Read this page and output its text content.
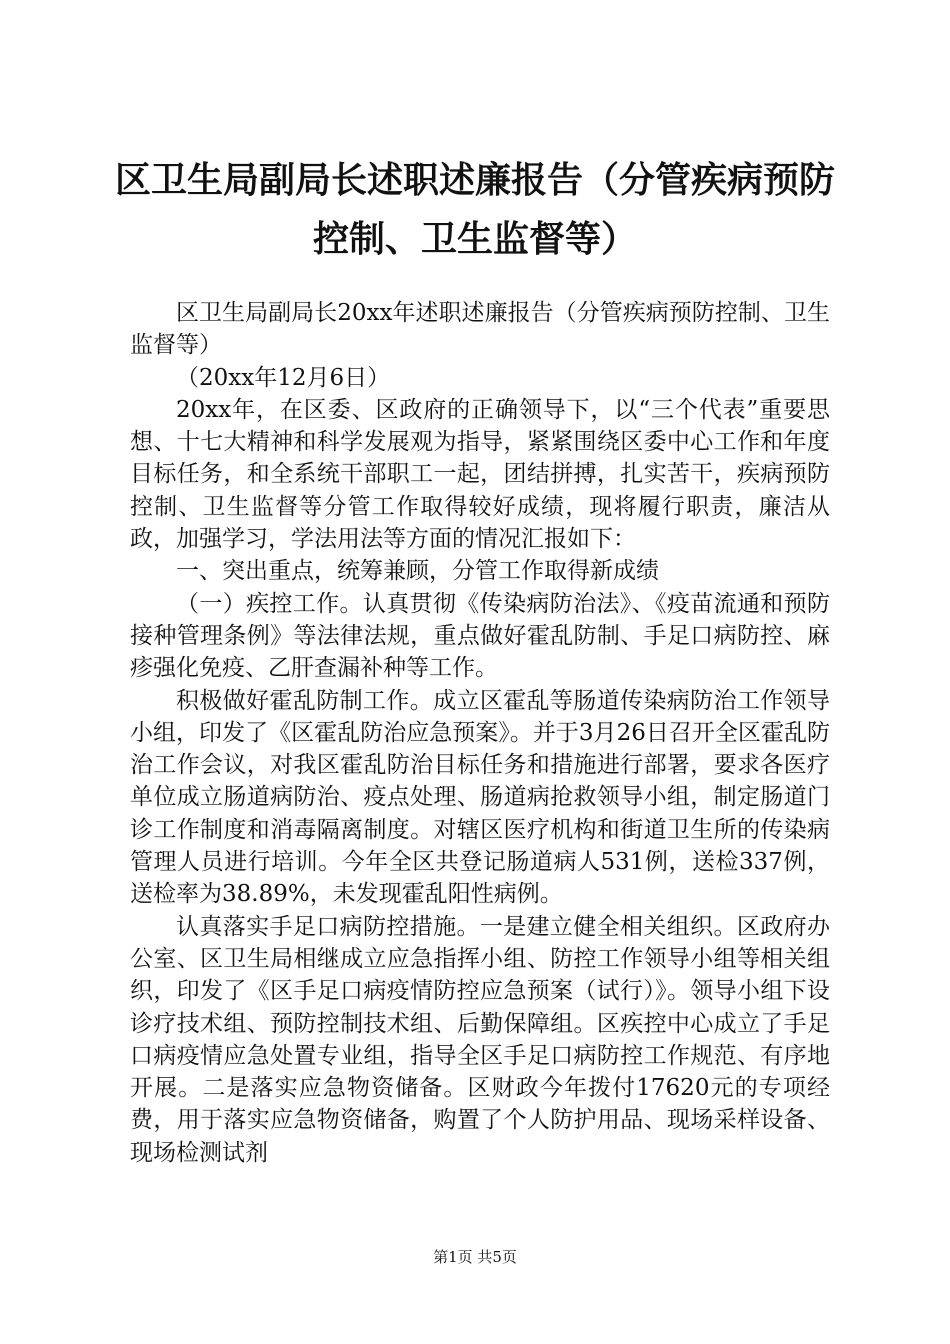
区卫生局副局长述职述廉报告（分管疾病预防
控制、卫生监督等）

区卫生局副局长20xx年述职述廉报告（分管疾病预防控制、卫生监督等）

（20xx年12月6日）

20xx年，在区委、区政府的正确领导下，以“三个代表”重要思想、十七大精神和科学发展观为指导，紧紧围绕区委中心工作和年度目标任务，和全系统干部职工一起，团结拼搏，扎实苦干，疾病预防控制、卫生监督等分管工作取得较好成绩，现将履行职责，廉洁从政，加强学习，学法用法等方面的情况汇报如下：

一、突出重点，统筹兼顾，分管工作取得新成绩

（一）疾控工作。认真贯彻《传染病防治法》、《疫苗流通和预防接种管理条例》等法律法规，重点做好霍乱防制、手足口病防控、麻疹强化免疫、乙肝查漏补种等工作。

积极做好霍乱防制工作。成立区霍乱等肠道传染病防治工作领导小组，印发了《区霍乱防治应急预案》。并于3月26日召开全区霍乱防治工作会议，对我区霍乱防治目标任务和措施进行部署，要求各医疗单位成立肠道病防治、疫点处理、肠道病抢救领导小组，制定肠道门诊工作制度和消毒隔离制度。对辖区医疗机构和街道卫生所的传染病管理人员进行培训。今年全区共登记肠道病人531例，送检337例，送检率为38.89%，未发现霍乱阳性病例。

认真落实手足口病防控措施。一是建立健全相关组织。区政府办公室、区卫生局相继成立应急指挥小组、防控工作领导小组等相关组织，印发了《区手足口病疫情防控应急预案（试行）》。领导小组下设诊疗技术组、预防控制技术组、后勤保障组。区疾控中心成立了手足口病疫情应急处置专业组，指导全区手足口病防控工作规范、有序地开展。二是落实应急物资储备。区财政今年拨付17620元的专项经费，用于落实应急物资储备，购置了个人防护用品、现场采样设备、现场检测试剂

第1页 共5页
